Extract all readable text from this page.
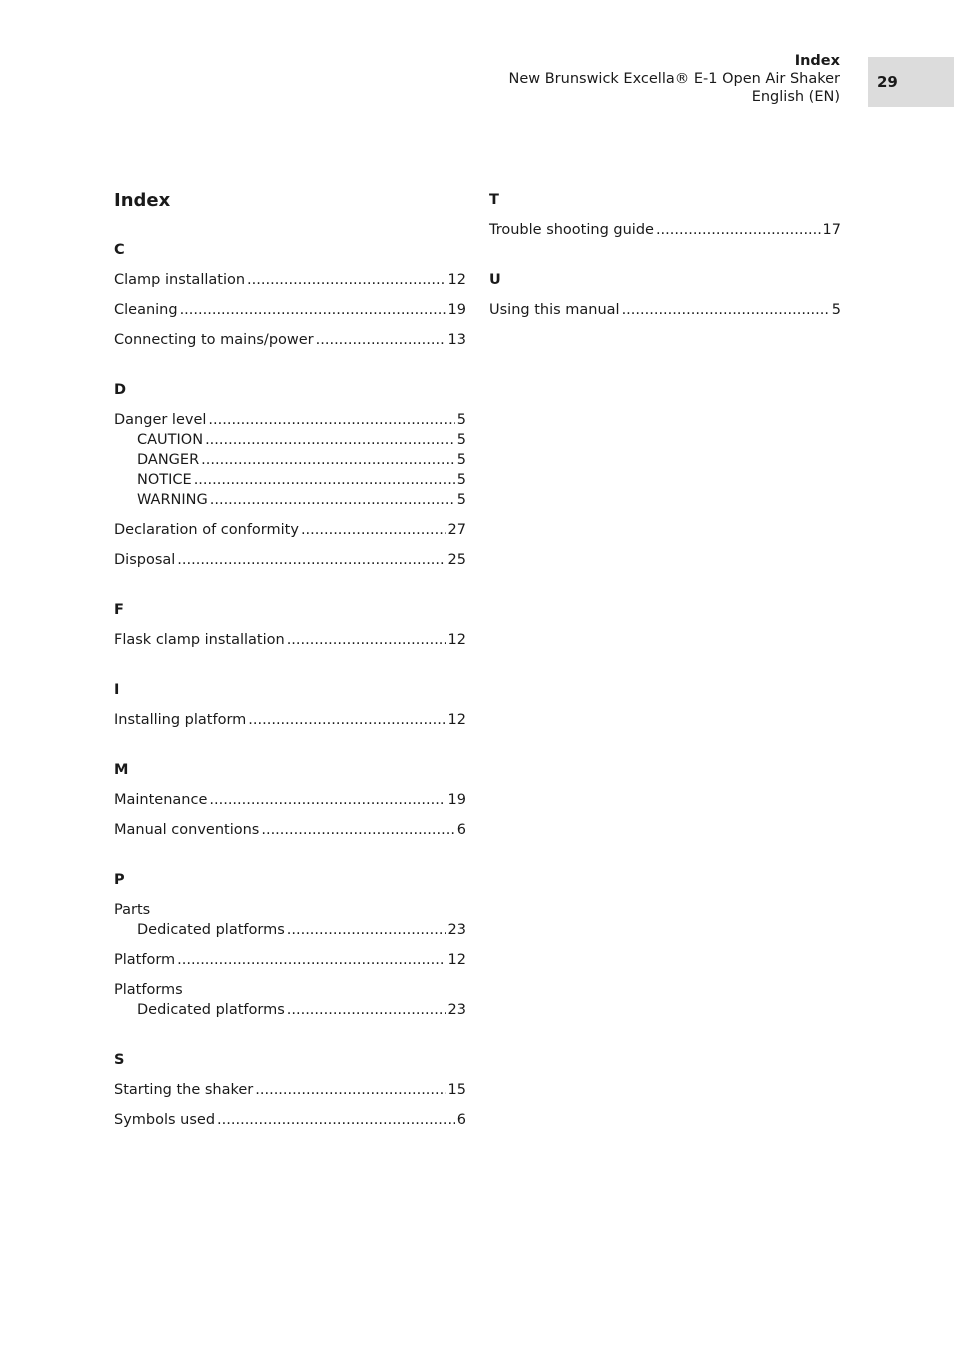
Index
New Brunswick Excella® E-1 Open Air Shaker
English (EN)
29
Index
C
Clamp installation .....	12
Cleaning .....	19
Connecting to mains/power .....	13
D
Danger level .....	5
CAUTION .....	5
DANGER .....	5
NOTICE .....	5
WARNING .....	5
Declaration of conformity .....	27
Disposal .....	25
F
Flask clamp installation .....	12
I
Installing platform .....	12
M
Maintenance .....	19
Manual conventions .....	6
P
Parts
Dedicated platforms .....	23
Platform .....	12
Platforms
Dedicated platforms .....	23
S
Starting the shaker .....	15
Symbols used .....	6
T
Trouble shooting guide .....	17
U
Using this manual .....	5
